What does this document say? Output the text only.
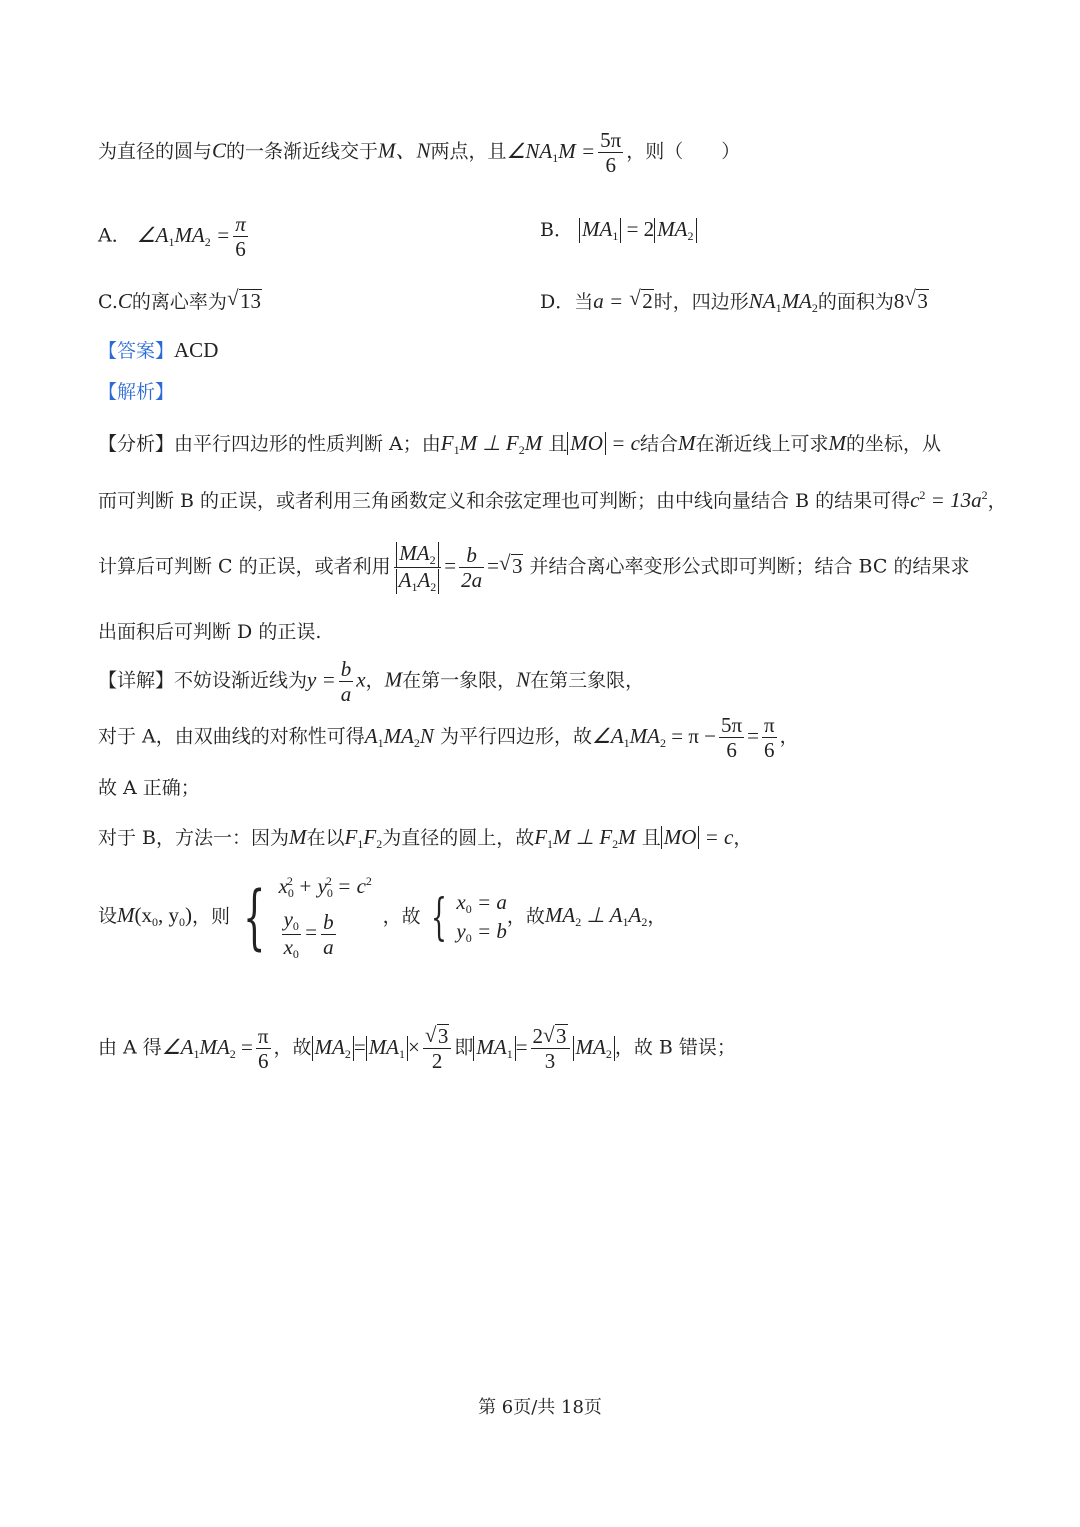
为直径的圆与C的一条渐近线交于M、N两点，且$\angle NA_1M = \frac{5\pi}{6}$ ，则（　　）
A． $\angle A_1MA_2 = \frac{\pi}{6}$	B． $MA_1 = 2$ $MA_2$
C.C的离心率为 √ 13	D．当a = √ 2时，四边形$NA_1MA_2$的面积为8 √ 3
【答案】ACD
【解析】
【分析】由平行四边形的性质判断 A；由$F_1M$ ⊥ $F_2M$ 且 MO = c结合M在渐近线上可求M的坐标，从
而可判断 B 的正误，或者利用三角函数定义和余弦定理也可判断；由中线向量结合 B 的结果可得$c^2 = 13a^2$，
计算后可判断 C 的正误，或者利用 $\frac{MA_2}{A_1A_2} = \frac{b}{2a}$ = √ 3 并结合离心率变形公式即可判断；结合 BC 的结果求
出面积后可判断 D 的正误.
【详解】不妨设渐近线为$y = \frac{b}{a}$ x，M在第一象限，N在第三象限，
对于 A，由双曲线的对称性可得$A_1MA_2N$ 为平行四边形，故$\angle A_1MA_2 = \pi - \frac{5\pi}{6} = \frac{\pi}{6}$ ，
故 A 正确；
对于 B，方法一：因为M在以$F_1F_2$为直径的圆上，故$F_1M$ ⊥ $F_2M$ 且 MO = c，
设$M(x_0$, $y_0$)，则 { $x_0^2 + y_0^2 = c^2$
$\frac{y_0}{x_0} = \frac{b}{a}$ ，故 { $x_0 = a$
$y_0 = b$
，故$MA_2$ ⊥ $A_1A_2$，
由 A 得$\angle A_1MA_2 = \frac{\pi}{6}$ ，故 $MA_2 = MA_1$ × √ $\frac{3}{2}$ 即 $MA_1 = \frac{2 √ 3}{3} MA_2$ ，故 B 错误；
第 6页/共 18页
